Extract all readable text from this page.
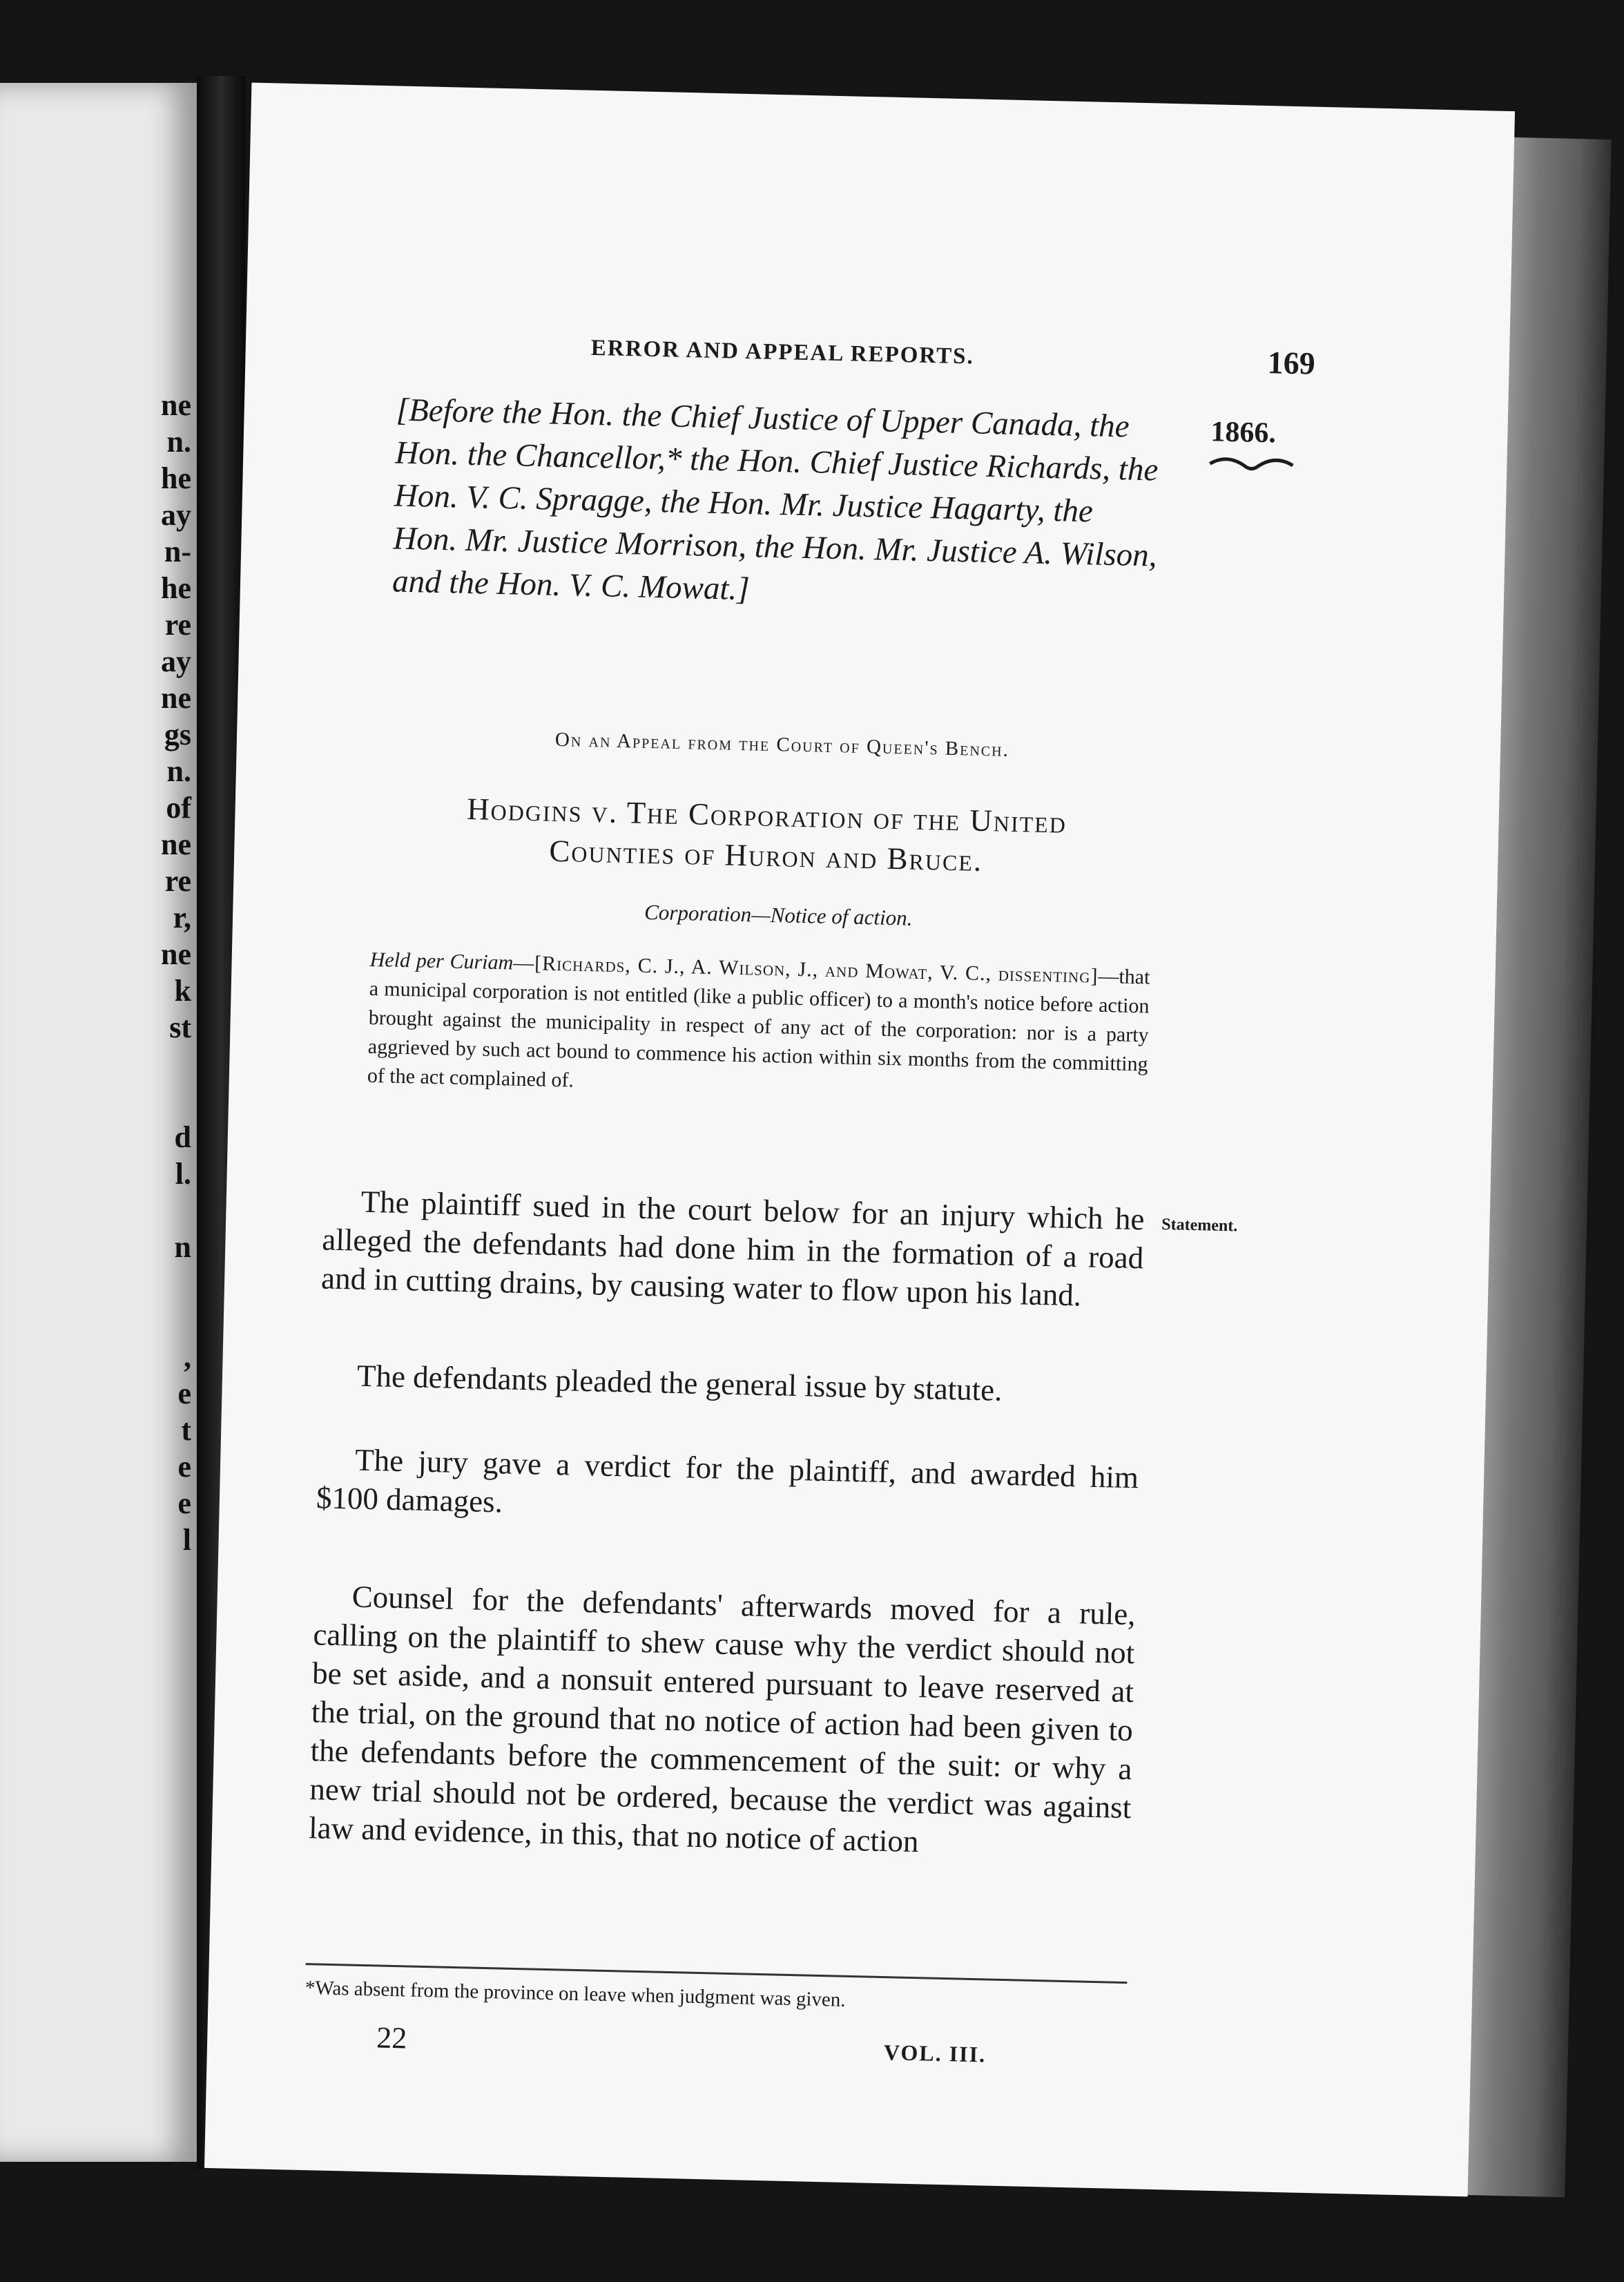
ne
n.
he
ay
n-
he
re
ay
ne
gs
n.
of
ne
re
r,
ne
k
st
d
l.
n
,
e
t
e
e
l
ERROR AND APPEAL REPORTS.	169
[Before the Hon. the Chief Justice of Upper Canada, the Hon. the Chancellor,* the Hon. Chief Justice Richards, the Hon. V. C. Spragge, the Hon. Mr. Justice Hagarty, the Hon. Mr. Justice Morrison, the Hon. Mr. Justice A. Wilson, and the Hon. V. C. Mowat.]
1866.
On an Appeal from the Court of Queen's Bench.
Hodgins v. The Corporation of the United
Counties of Huron and Bruce.
Corporation—Notice of action.
Held per Curiam—[Richards, C. J., A. Wilson, J., and Mowat, V. C., dissenting]—that a municipal corporation is not entitled (like a public officer) to a month's notice before action brought against the municipality in respect of any act of the corporation: nor is a party aggrieved by such act bound to commence his action within six months from the committing of the act complained of.
Statement.
The plaintiff sued in the court below for an injury which he alleged the defendants had done him in the formation of a road and in cutting drains, by causing water to flow upon his land.
The defendants pleaded the general issue by statute.
The jury gave a verdict for the plaintiff, and awarded him $100 damages.
Counsel for the defendants' afterwards moved for a rule, calling on the plaintiff to shew cause why the verdict should not be set aside, and a nonsuit entered pursuant to leave reserved at the trial, on the ground that no notice of action had been given to the defendants before the commencement of the suit: or why a new trial should not be ordered, because the verdict was against law and evidence, in this, that no notice of action
*Was absent from the province on leave when judgment was given.
22	VOL. III.
